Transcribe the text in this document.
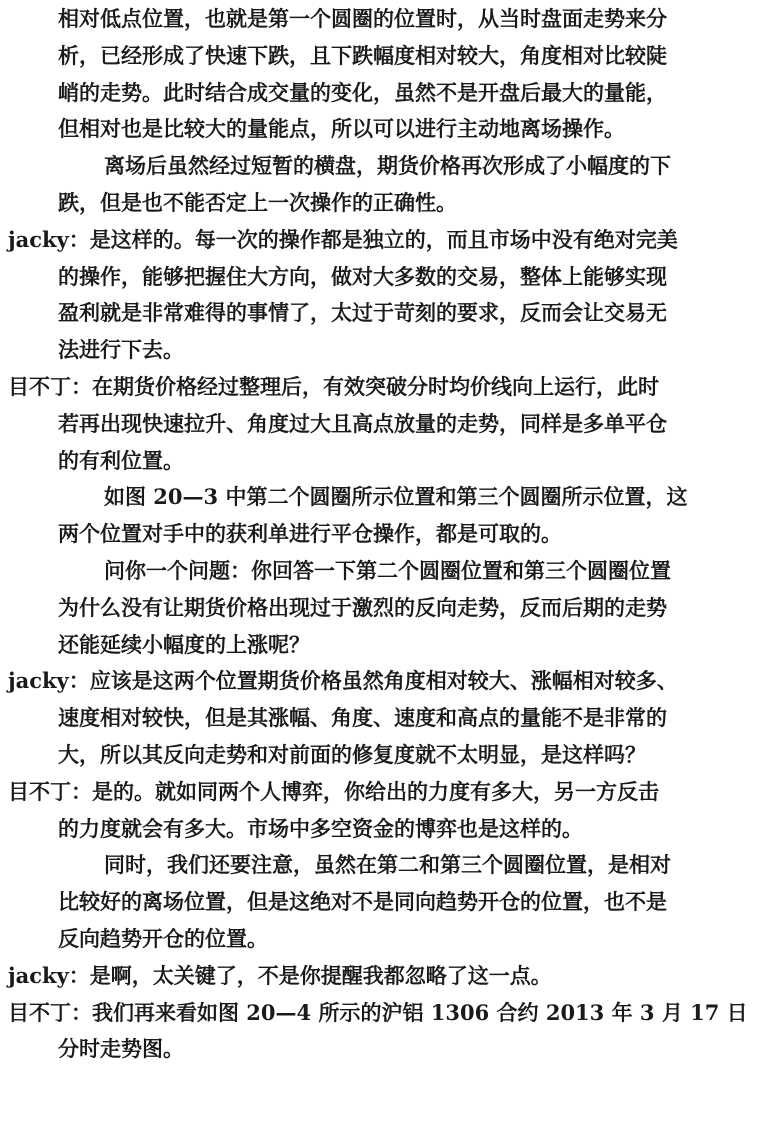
相对低点位置，也就是第一个圆圈的位置时，从当时盘面走势来分
析，已经形成了快速下跌，且下跌幅度相对较大，角度相对比较陡
峭的走势。此时结合成交量的变化，虽然不是开盘后最大的量能，
但相对也是比较大的量能点，所以可以进行主动地离场操作。
离场后虽然经过短暂的横盘，期货价格再次形成了小幅度的下
跌，但是也不能否定上一次操作的正确性。
jacky：是这样的。每一次的操作都是独立的，而且市场中没有绝对完美
的操作，能够把握住大方向，做对大多数的交易，整体上能够实现
盈利就是非常难得的事情了，太过于苛刻的要求，反而会让交易无
法进行下去。
目不丁：在期货价格经过整理后，有效突破分时均价线向上运行，此时
若再出现快速拉升、角度过大且高点放量的走势，同样是多单平仓
的有利位置。
如图 20—3 中第二个圆圈所示位置和第三个圆圈所示位置，这
两个位置对手中的获利单进行平仓操作，都是可取的。
问你一个问题：你回答一下第二个圆圈位置和第三个圆圈位置
为什么没有让期货价格出现过于激烈的反向走势，反而后期的走势
还能延续小幅度的上涨呢？
jacky：应该是这两个位置期货价格虽然角度相对较大、涨幅相对较多、
速度相对较快，但是其涨幅、角度、速度和高点的量能不是非常的
大，所以其反向走势和对前面的修复度就不太明显，是这样吗？
目不丁：是的。就如同两个人博弈，你给出的力度有多大，另一方反击
的力度就会有多大。市场中多空资金的博弈也是这样的。
同时，我们还要注意，虽然在第二和第三个圆圈位置，是相对
比较好的离场位置，但是这绝对不是同向趋势开仓的位置，也不是
反向趋势开仓的位置。
jacky：是啊，太关键了，不是你提醒我都忽略了这一点。
目不丁：我们再来看如图 20—4 所示的沪铝 1306 合约 2013 年 3 月 17 日
分时走势图。
